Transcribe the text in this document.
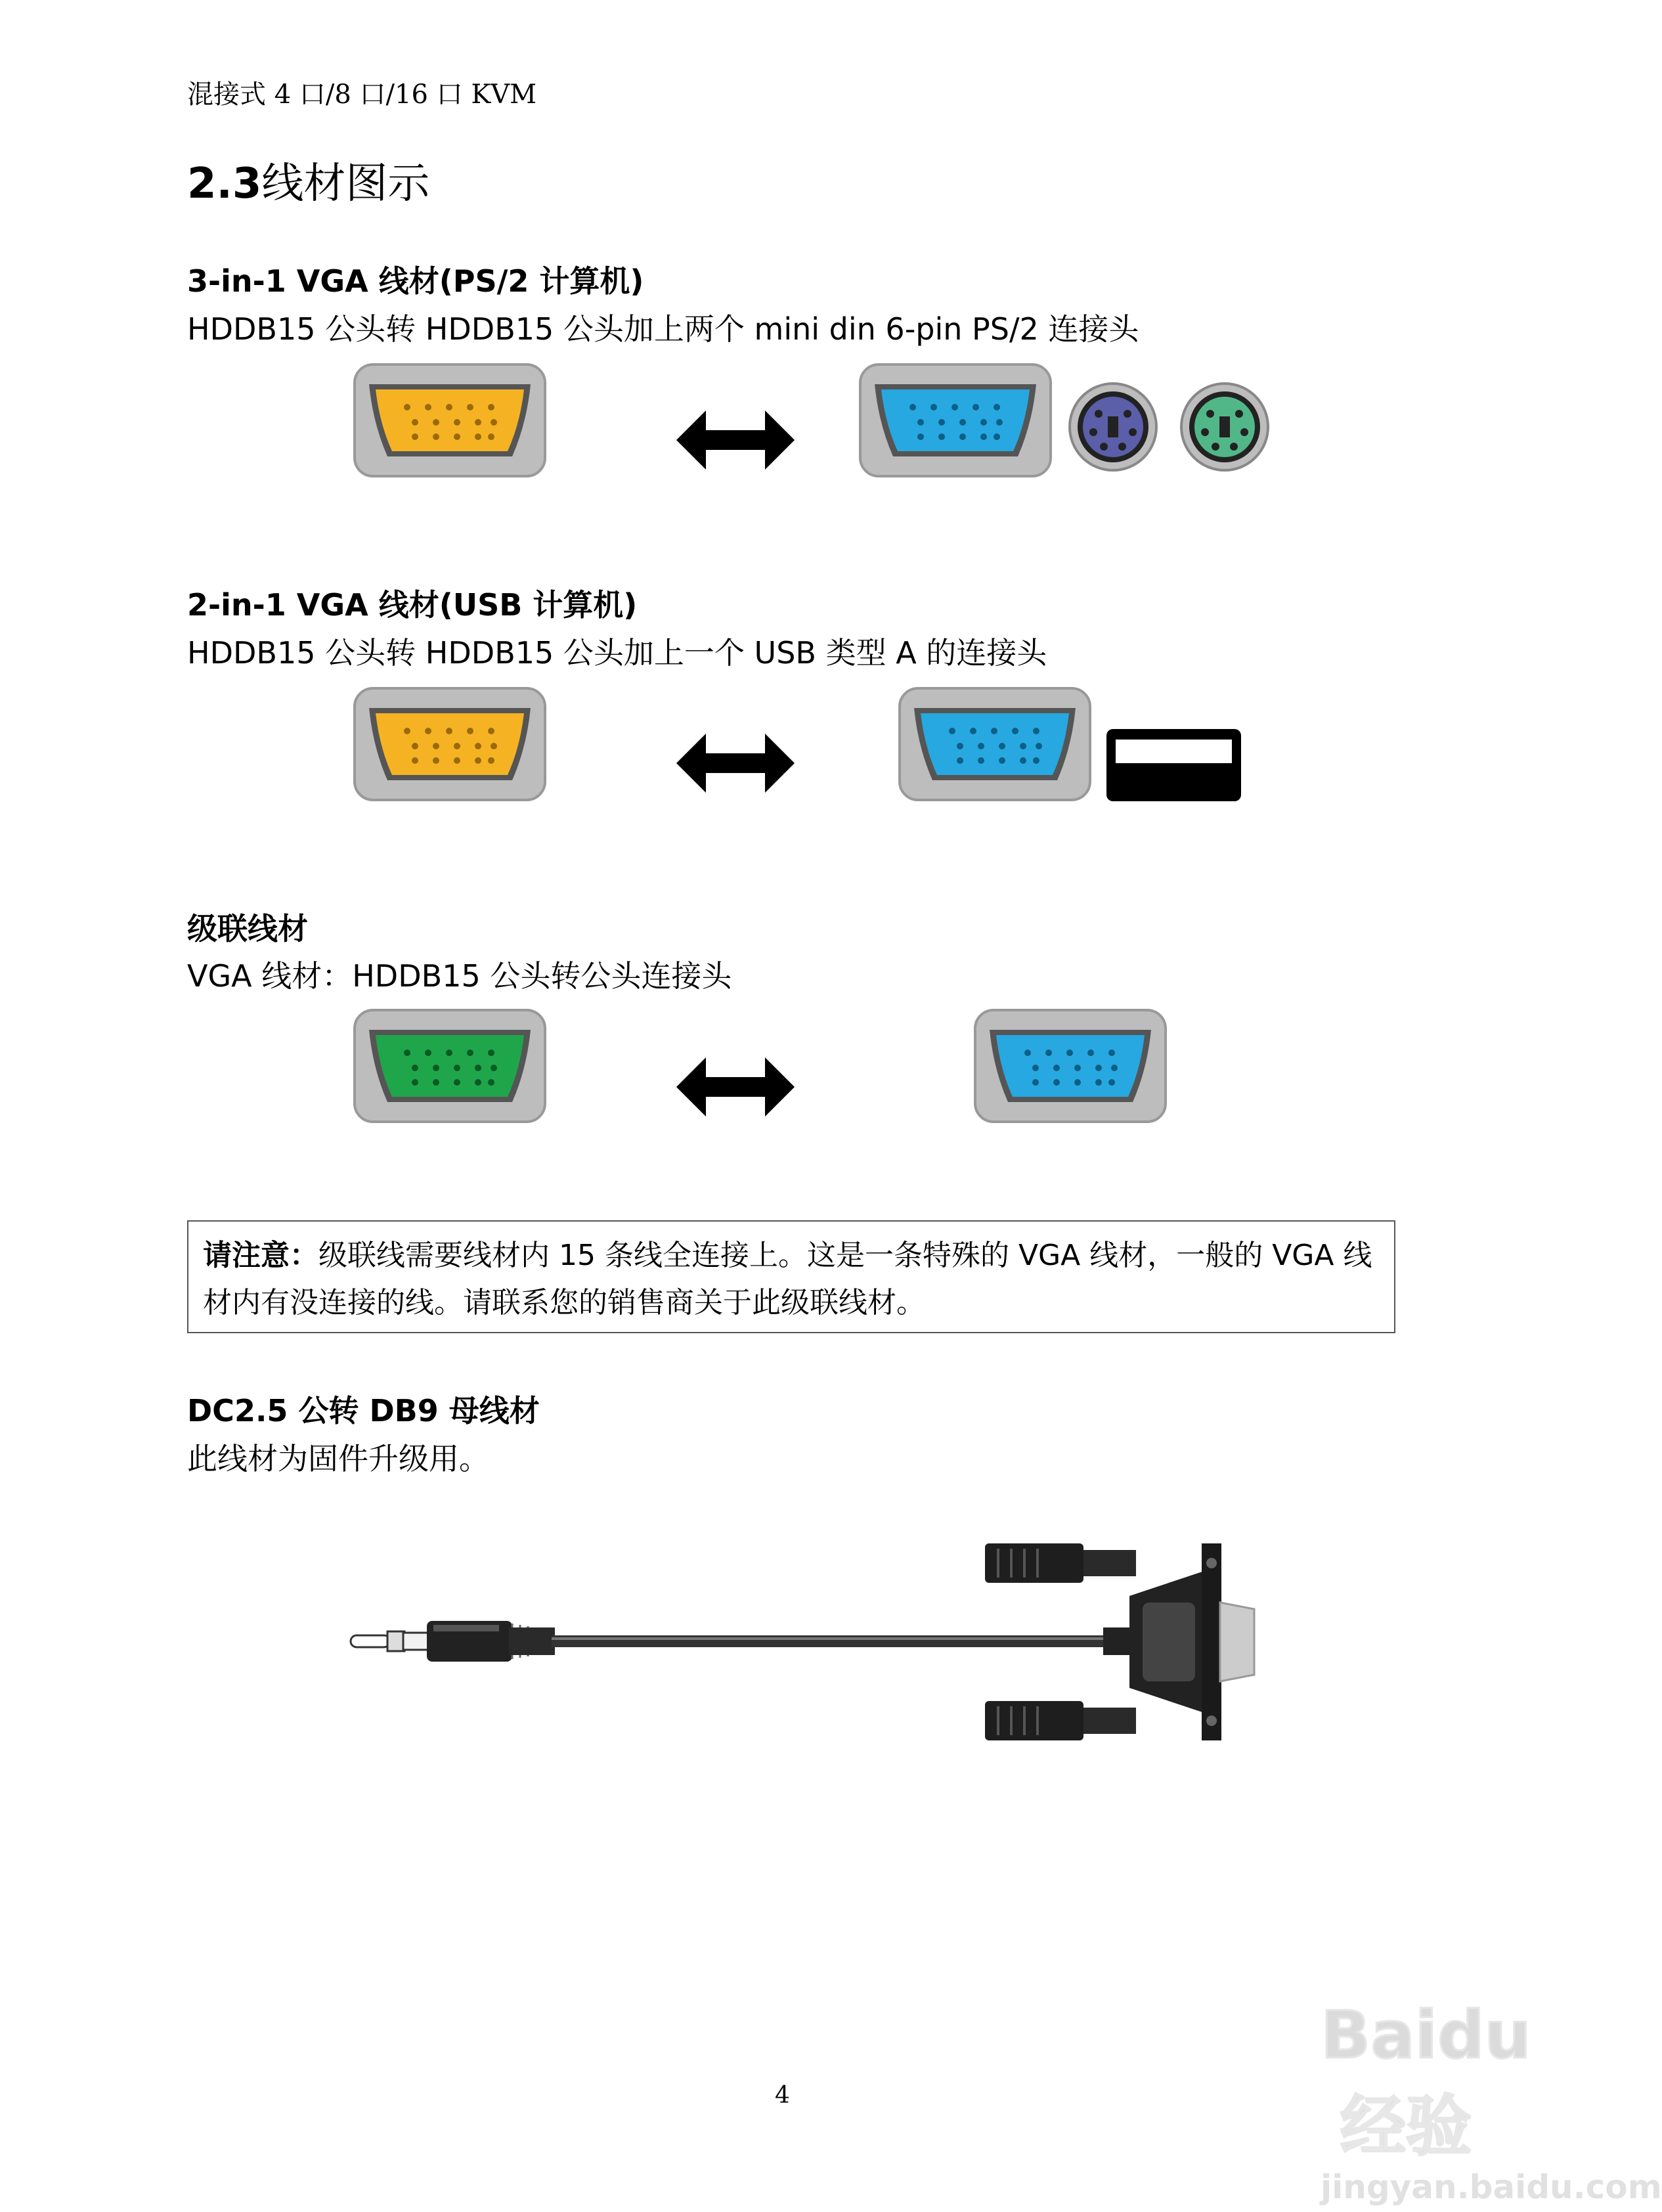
混接式 4 口/8 口/16 口 KVM
2.3线材图示
3-in-1 VGA 线材(PS/2 计算机)
HDDB15 公头转 HDDB15 公头加上两个 mini din 6-pin PS/2 连接头
2-in-1 VGA 线材(USB 计算机)
HDDB15 公头转 HDDB15 公头加上一个 USB 类型 A 的连接头
级联线材
VGA 线材：HDDB15 公头转公头连接头
请注意：级联线需要线材内 15 条线全连接上。这是一条特殊的 VGA 线材，一般的 VGA 线材内有没连接的线。请联系您的销售商关于此级联线材。
DC2.5 公转 DB9 母线材
此线材为固件升级用。
4
Baidu经验
jingyan.baidu.com
